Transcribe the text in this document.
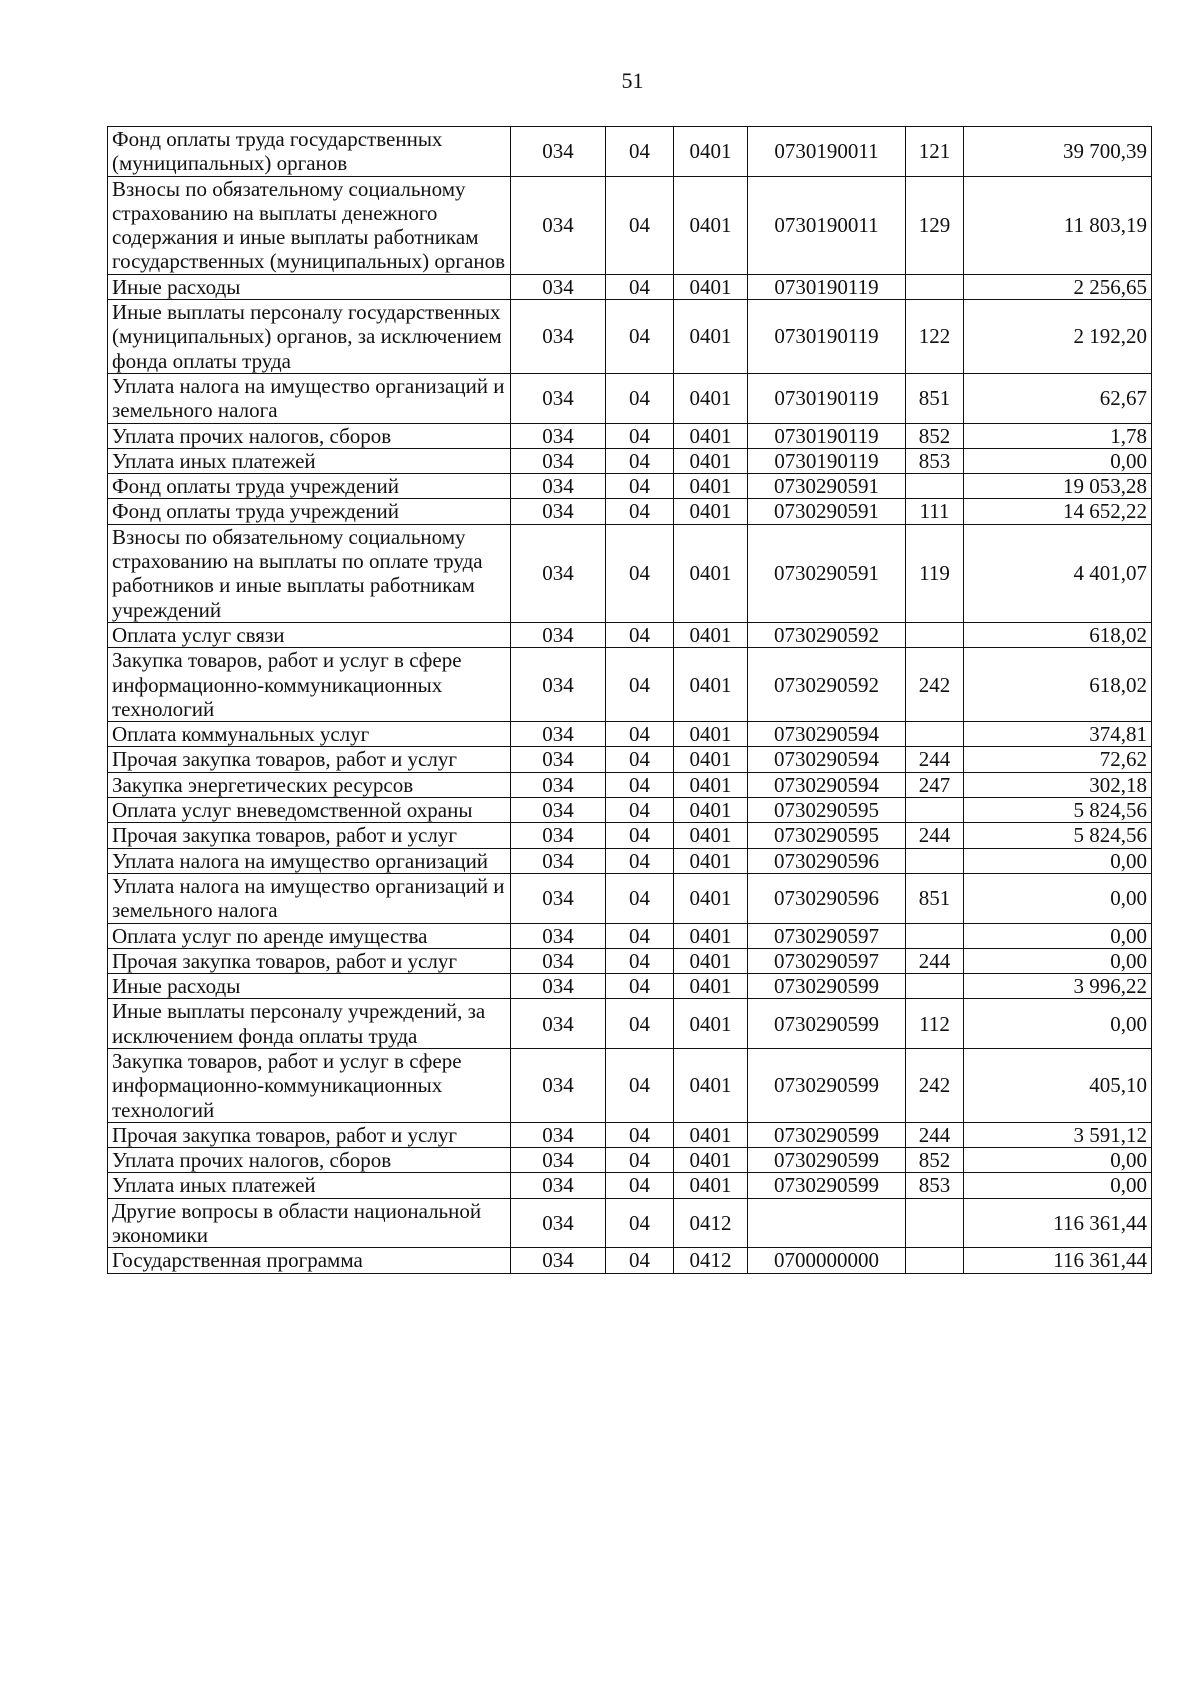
51
Фонд оплаты труда государственных (муниципальных) органов	034	04	0401	0730190011	121	39 700,39
Взносы по обязательному социальному страхованию на выплаты денежного содержания и иные выплаты работникам государственных (муниципальных) органов	034	04	0401	0730190011	129	11 803,19
Иные расходы	034	04	0401	0730190119		2 256,65
Иные выплаты персоналу государственных (муниципальных) органов, за исключением фонда оплаты труда	034	04	0401	0730190119	122	2 192,20
Уплата налога на имущество организаций и земельного налога	034	04	0401	0730190119	851	62,67
Уплата прочих налогов, сборов	034	04	0401	0730190119	852	1,78
Уплата иных платежей	034	04	0401	0730190119	853	0,00
Фонд оплаты труда учреждений	034	04	0401	0730290591		19 053,28
Фонд оплаты труда учреждений	034	04	0401	0730290591	111	14 652,22
Взносы по обязательному социальному страхованию на выплаты по оплате труда работников и иные выплаты работникам учреждений	034	04	0401	0730290591	119	4 401,07
Оплата услуг связи	034	04	0401	0730290592		618,02
Закупка товаров, работ и услуг в сфере информационно-коммуникационных технологий	034	04	0401	0730290592	242	618,02
Оплата коммунальных услуг	034	04	0401	0730290594		374,81
Прочая закупка товаров, работ и услуг	034	04	0401	0730290594	244	72,62
Закупка энергетических ресурсов	034	04	0401	0730290594	247	302,18
Оплата услуг вневедомственной охраны	034	04	0401	0730290595		5 824,56
Прочая закупка товаров, работ и услуг	034	04	0401	0730290595	244	5 824,56
Уплата налога на имущество организаций	034	04	0401	0730290596		0,00
Уплата налога на имущество организаций и земельного налога	034	04	0401	0730290596	851	0,00
Оплата услуг по аренде имущества	034	04	0401	0730290597		0,00
Прочая закупка товаров, работ и услуг	034	04	0401	0730290597	244	0,00
Иные расходы	034	04	0401	0730290599		3 996,22
Иные выплаты персоналу учреждений, за исключением фонда оплаты труда	034	04	0401	0730290599	112	0,00
Закупка товаров, работ и услуг в сфере информационно-коммуникационных технологий	034	04	0401	0730290599	242	405,10
Прочая закупка товаров, работ и услуг	034	04	0401	0730290599	244	3 591,12
Уплата прочих налогов, сборов	034	04	0401	0730290599	852	0,00
Уплата иных платежей	034	04	0401	0730290599	853	0,00
Другие вопросы в области национальной экономики	034	04	0412			116 361,44
Государственная программа	034	04	0412	0700000000		116 361,44
